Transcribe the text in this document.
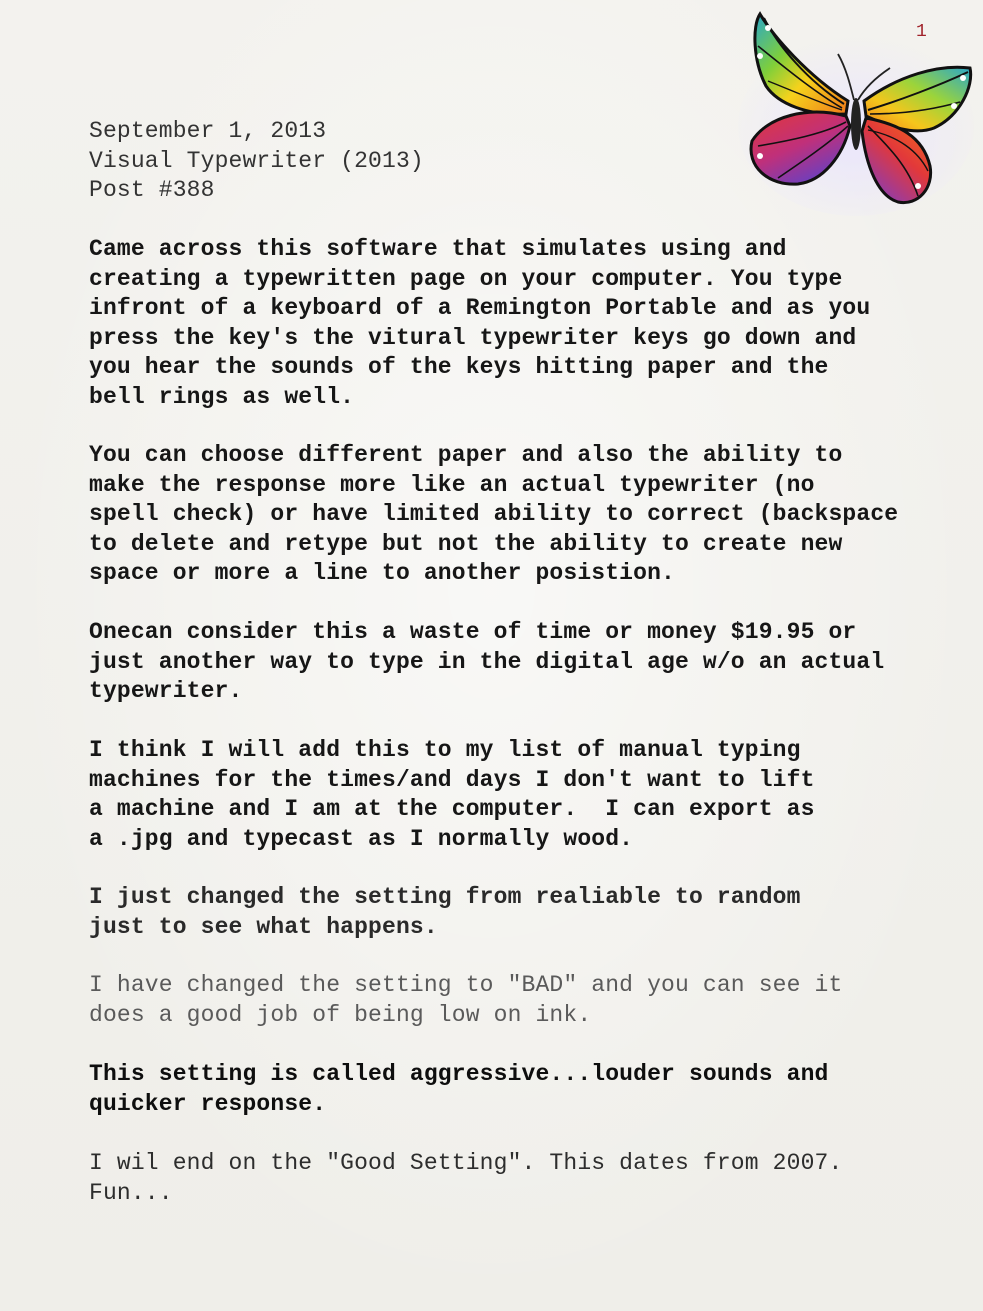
1
September 1, 2013
Visual Typewriter (2013)
Post #388
Came across this software that simulates using and
creating a typewritten page on your computer. You type
infront of a keyboard of a Remington Portable and as you
press the key's the vitural typewriter keys go down and
you hear the sounds of the keys hitting paper and the
bell rings as well.
You can choose different paper and also the ability to
make the response more like an actual typewriter (no
spell check) or have limited ability to correct (backspace
to delete and retype but not the ability to create new
space or more a line to another posistion.
Onecan consider this a waste of time or money $19.95 or
just another way to type in the digital age w/o an actual
typewriter.
I think I will add this to my list of manual typing
machines for the times/and days I don't want to lift
a machine and I am at the computer.  I can export as
a .jpg and typecast as I normally wood.
I just changed the setting from realiable to random
just to see what happens.
I have changed the setting to "BAD" and you can see it
does a good job of being low on ink.
This setting is called aggressive...louder sounds and
quicker response.
I wil end on the "Good Setting". This dates from 2007.
Fun...
